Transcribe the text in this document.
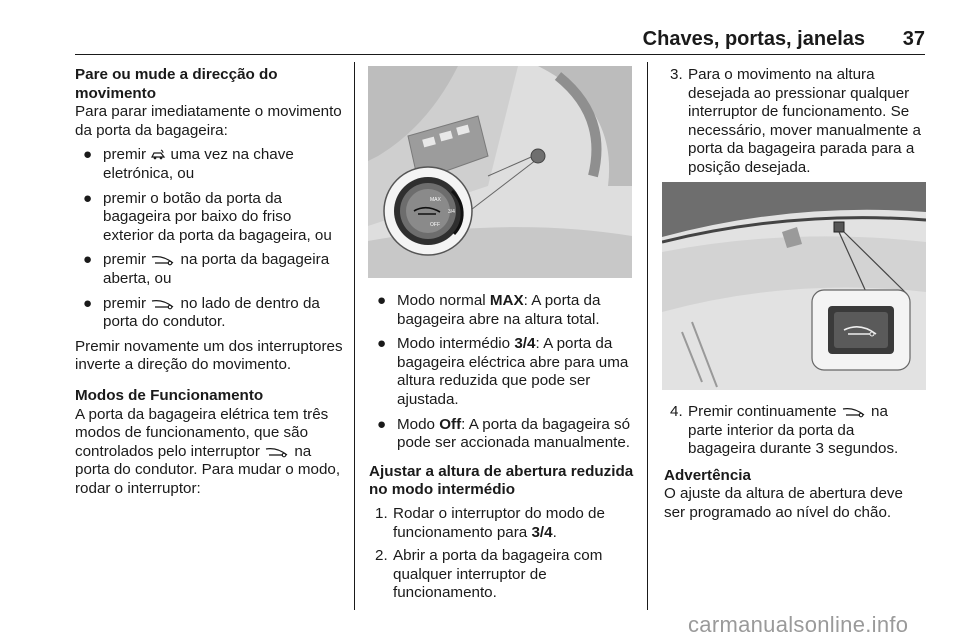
Chaves, portas, janelas 37

Pare ou mude a direcção do movimento

Para parar imediatamente o movimento da porta da bagageira:

● premir uma vez na chave eletrónica, ou
● premir o botão da porta da bagageira por baixo do friso exterior da porta da bagageira, ou
● premir na porta da bagageira aberta, ou
● premir no lado de dentro da porta do condutor.

Premir novamente um dos interruptores inverte a direção do movimento.

Modos de Funcionamento

A porta da bagageira elétrica tem três modos de funcionamento, que são controlados pelo interruptor na porta do condutor. Para mudar o modo, rodar o interruptor:

MAX
3/4
OFF
● Modo normal MAX: A porta da bagageira abre na altura total.
● Modo intermédio 3/4: A porta da bagageira eléctrica abre para uma altura reduzida que pode ser ajustada.
● Modo Off: A porta da bagageira só pode ser accionada manualmente.

Ajustar a altura de abertura reduzida no modo intermédio

1. Rodar o interruptor do modo de funcionamento para 3/4.
2. Abrir a porta da bagageira com qualquer interruptor de funcionamento.
3. Para o movimento na altura desejada ao pressionar qualquer interruptor de funcionamento. Se necessário, mover manualmente a porta da bagageira parada para a posição desejada.
4. Premir continuamente na parte interior da porta da bagageira durante 3 segundos.

Advertência

O ajuste da altura de abertura deve ser programado ao nível do chão.

carmanualsonline.info
